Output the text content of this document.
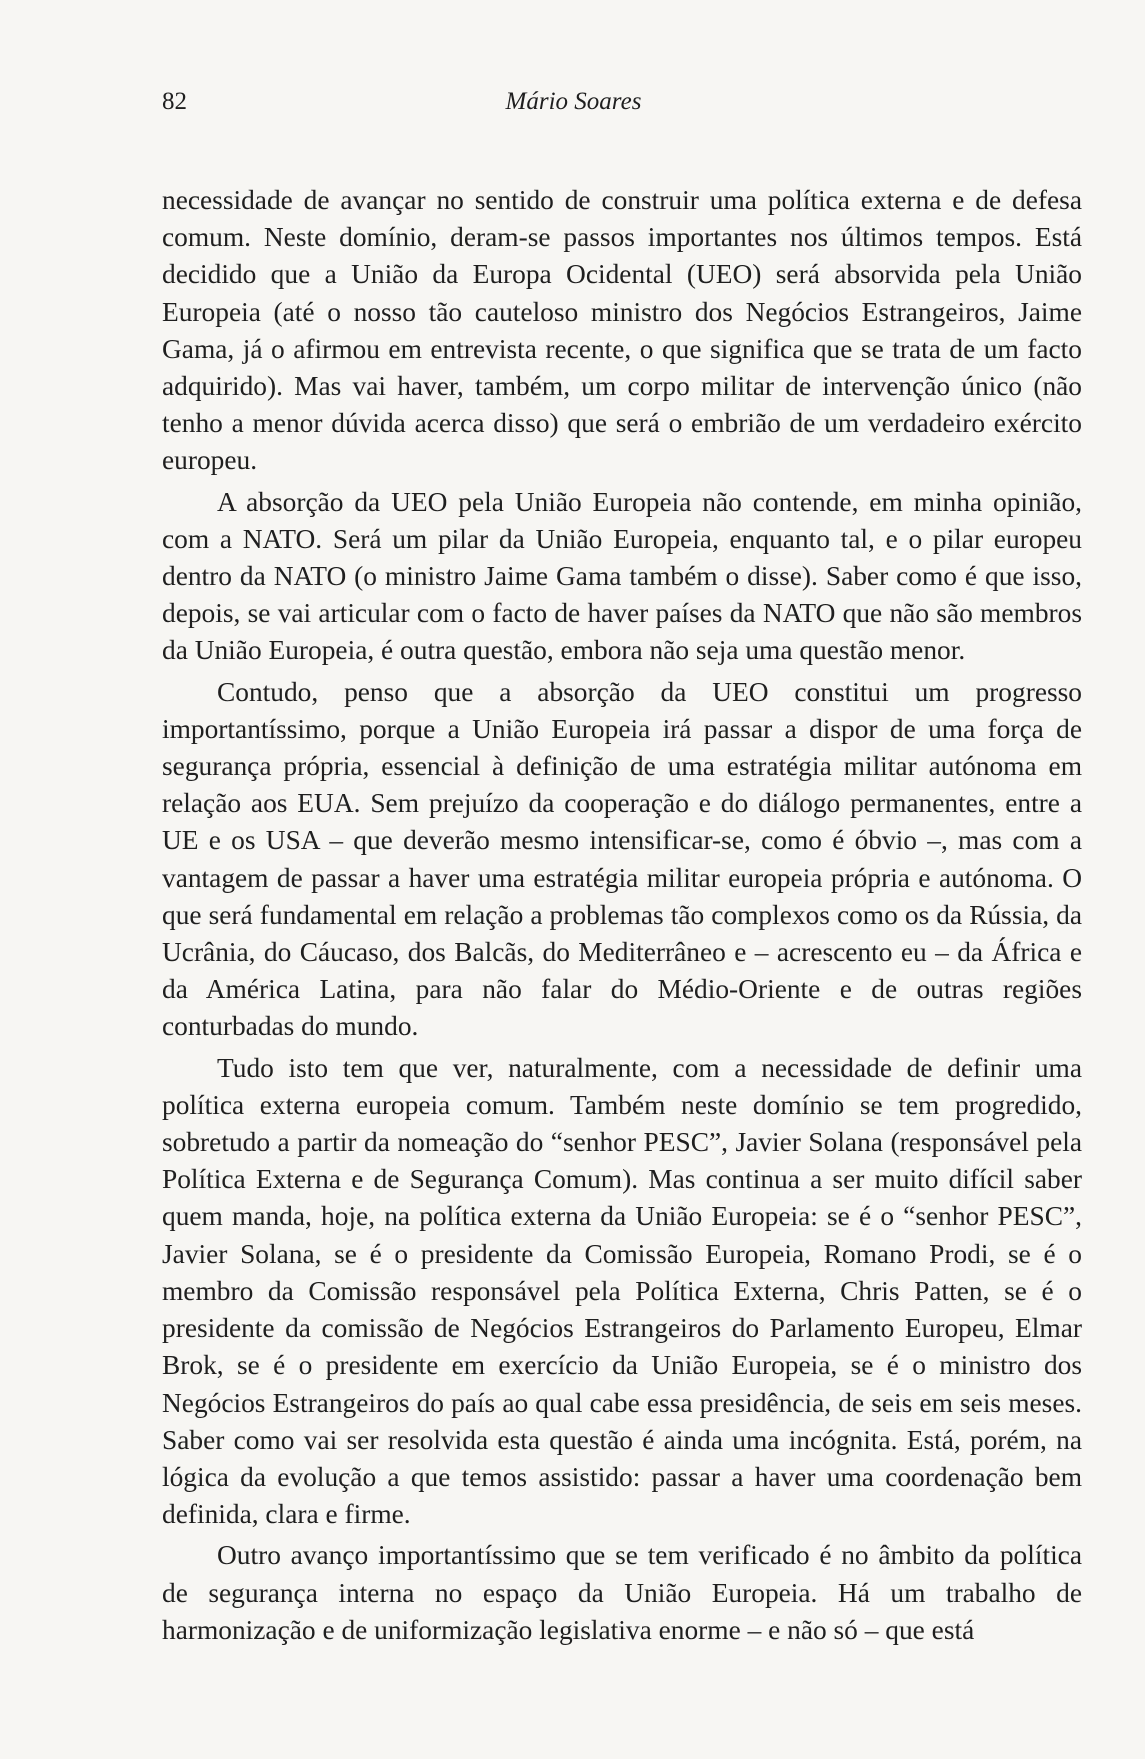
82	Mário Soares

necessidade de avançar no sentido de construir uma política externa e de defesa comum. Neste domínio, deram-se passos importantes nos últimos tempos. Está decidido que a União da Europa Ocidental (UEO) será absorvida pela União Europeia (até o nosso tão cauteloso ministro dos Negócios Estrangeiros, Jaime Gama, já o afirmou em entrevista recente, o que significa que se trata de um facto adquirido). Mas vai haver, também, um corpo militar de intervenção único (não tenho a menor dúvida acerca disso) que será o embrião de um verdadeiro exército europeu.

A absorção da UEO pela União Europeia não contende, em minha opinião, com a NATO. Será um pilar da União Europeia, enquanto tal, e o pilar europeu dentro da NATO (o ministro Jaime Gama também o disse). Saber como é que isso, depois, se vai articular com o facto de haver países da NATO que não são membros da União Europeia, é outra questão, embora não seja uma questão menor.

Contudo, penso que a absorção da UEO constitui um progresso importantíssimo, porque a União Europeia irá passar a dispor de uma força de segurança própria, essencial à definição de uma estratégia militar autónoma em relação aos EUA. Sem prejuízo da cooperação e do diálogo permanentes, entre a UE e os USA – que deverão mesmo intensificar-se, como é óbvio –, mas com a vantagem de passar a haver uma estratégia militar europeia própria e autónoma. O que será fundamental em relação a problemas tão complexos como os da Rússia, da Ucrânia, do Cáucaso, dos Balcãs, do Mediterrâneo e – acrescento eu – da África e da América Latina, para não falar do Médio-Oriente e de outras regiões conturbadas do mundo.

Tudo isto tem que ver, naturalmente, com a necessidade de definir uma política externa europeia comum. Também neste domínio se tem progredido, sobretudo a partir da nomeação do “senhor PESC”, Javier Solana (responsável pela Política Externa e de Segurança Comum). Mas continua a ser muito difícil saber quem manda, hoje, na política externa da União Europeia: se é o “senhor PESC”, Javier Solana, se é o presidente da Comissão Europeia, Romano Prodi, se é o membro da Comissão responsável pela Política Externa, Chris Patten, se é o presidente da comissão de Negócios Estrangeiros do Parlamento Europeu, Elmar Brok, se é o presidente em exercício da União Europeia, se é o ministro dos Negócios Estrangeiros do país ao qual cabe essa presidência, de seis em seis meses. Saber como vai ser resolvida esta questão é ainda uma incógnita. Está, porém, na lógica da evolução a que temos assistido: passar a haver uma coordenação bem definida, clara e firme.

Outro avanço importantíssimo que se tem verificado é no âmbito da política de segurança interna no espaço da União Europeia. Há um trabalho de harmonização e de uniformização legislativa enorme – e não só – que está
